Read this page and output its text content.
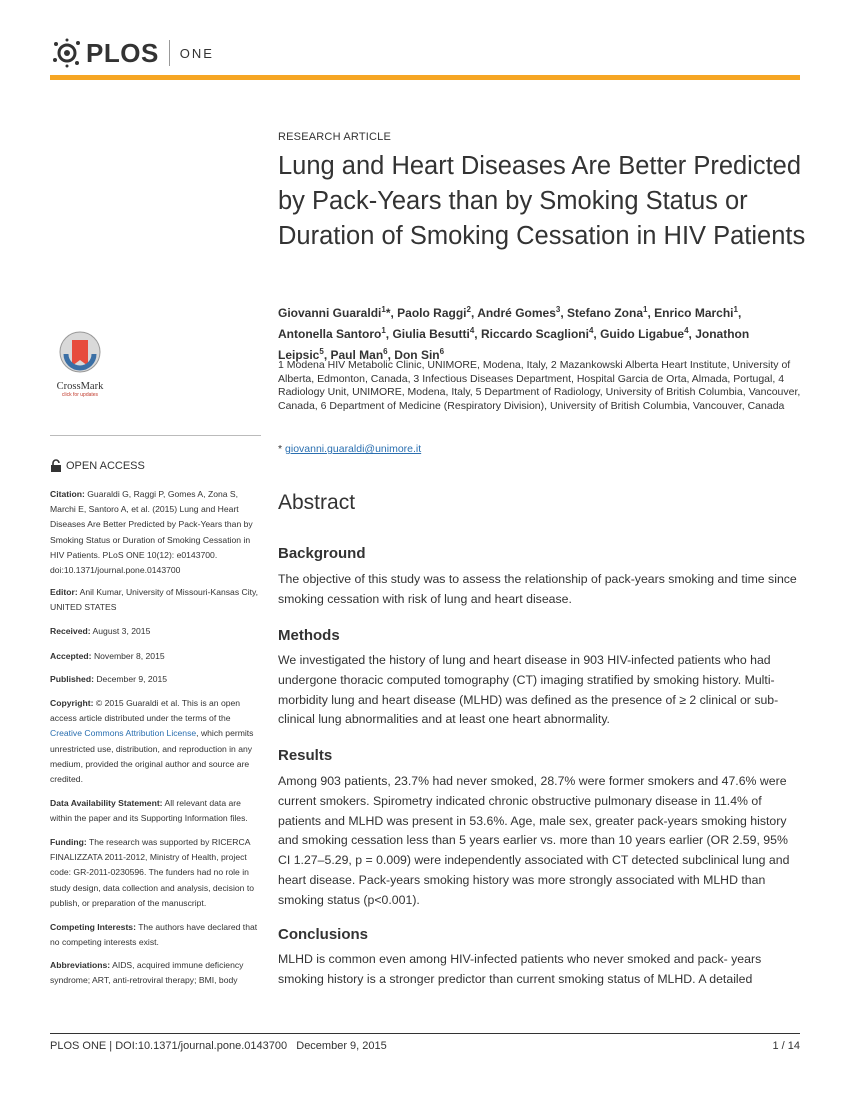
PLOS ONE
CrossMark
click for updates
OPEN ACCESS

Citation: Guaraldi G, Raggi P, Gomes A, Zona S, Marchi E, Santoro A, et al. (2015) Lung and Heart Diseases Are Better Predicted by Pack-Years than by Smoking Status or Duration of Smoking Cessation in HIV Patients. PLoS ONE 10(12): e0143700. doi:10.1371/journal.pone.0143700

Editor: Anil Kumar, University of Missouri-Kansas City, UNITED STATES

Received: August 3, 2015

Accepted: November 8, 2015

Published: December 9, 2015

Copyright: © 2015 Guaraldi et al. This is an open access article distributed under the terms of the Creative Commons Attribution License, which permits unrestricted use, distribution, and reproduction in any medium, provided the original author and source are credited.

Data Availability Statement: All relevant data are within the paper and its Supporting Information files.

Funding: The research was supported by RICERCA FINALIZZATA 2011-2012, Ministry of Health, project code: GR-2011-0230596. The funders had no role in study design, data collection and analysis, decision to publish, or preparation of the manuscript.

Competing Interests: The authors have declared that no competing interests exist.

Abbreviations: AIDS, acquired immune deficiency syndrome; ART, anti-retroviral therapy; BMI, body

RESEARCH ARTICLE
Lung and Heart Diseases Are Better Predicted by Pack-Years than by Smoking Status or Duration of Smoking Cessation in HIV Patients
Giovanni Guaraldi$^1$*, Paolo Raggi$^2$, André Gomes$^3$, Stefano Zona$^1$, Enrico Marchi$^1$, Antonella Santoro$^1$, Giulia Besutti$^4$, Riccardo Scaglioni$^4$, Guido Ligabue$^4$, Jonathon Leipsic$^5$, Paul Man$^6$, Don Sin$^6$
1 Modena HIV Metabolic Clinic, UNIMORE, Modena, Italy, 2 Mazankowski Alberta Heart Institute, University of Alberta, Edmonton, Canada, 3 Infectious Diseases Department, Hospital Garcia de Orta, Almada, Portugal, 4 Radiology Unit, UNIMORE, Modena, Italy, 5 Department of Radiology, University of British Columbia, Vancouver, Canada, 6 Department of Medicine (Respiratory Division), University of British Columbia, Vancouver, Canada
* giovanni.guaraldi@unimore.it
Abstract
Background

The objective of this study was to assess the relationship of pack-years smoking and time since smoking cessation with risk of lung and heart disease.

Methods

We investigated the history of lung and heart disease in 903 HIV-infected patients who had undergone thoracic computed tomography (CT) imaging stratified by smoking history. Multi-morbidity lung and heart disease (MLHD) was defined as the presence of ≥ 2 clinical or sub-clinical lung abnormalities and at least one heart abnormality.

Results

Among 903 patients, 23.7% had never smoked, 28.7% were former smokers and 47.6% were current smokers. Spirometry indicated chronic obstructive pulmonary disease in 11.4% of patients and MLHD was present in 53.6%. Age, male sex, greater pack-years smoking history and smoking cessation less than 5 years earlier vs. more than 10 years earlier (OR 2.59, 95% CI 1.27–5.29, p = 0.009) were independently associated with CT detected subclinical lung and heart disease. Pack-years smoking history was more strongly associated with MLHD than smoking status (p<0.001).

Conclusions

MLHD is common even among HIV-infected patients who never smoked and pack- years smoking history is a stronger predictor than current smoking status of MLHD. A detailed

PLOS ONE | DOI:10.1371/journal.pone.0143700 December 9, 2015	1 / 14
